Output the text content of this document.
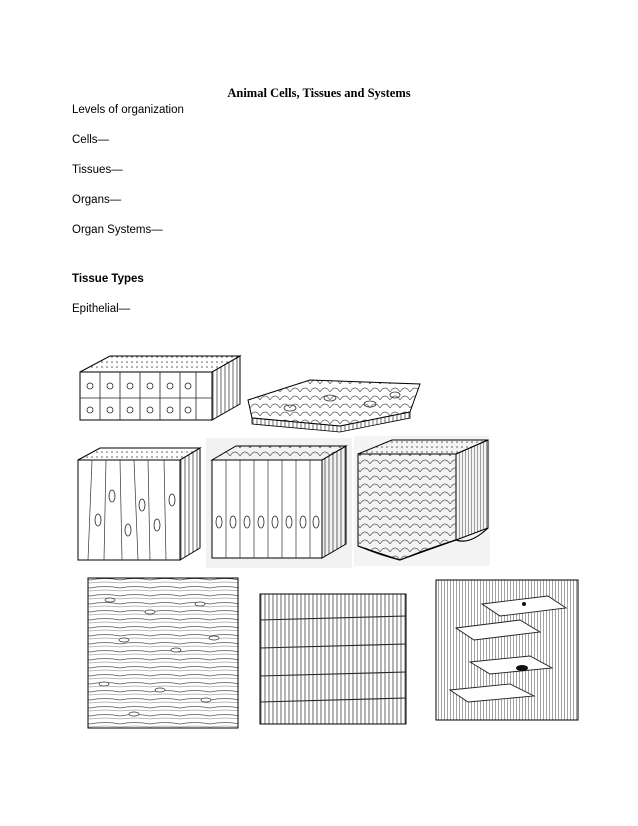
Animal Cells, Tissues and Systems
Levels of organization
Cells—
Tissues—
Organs—
Organ Systems—
Tissue Types
Epithelial—
